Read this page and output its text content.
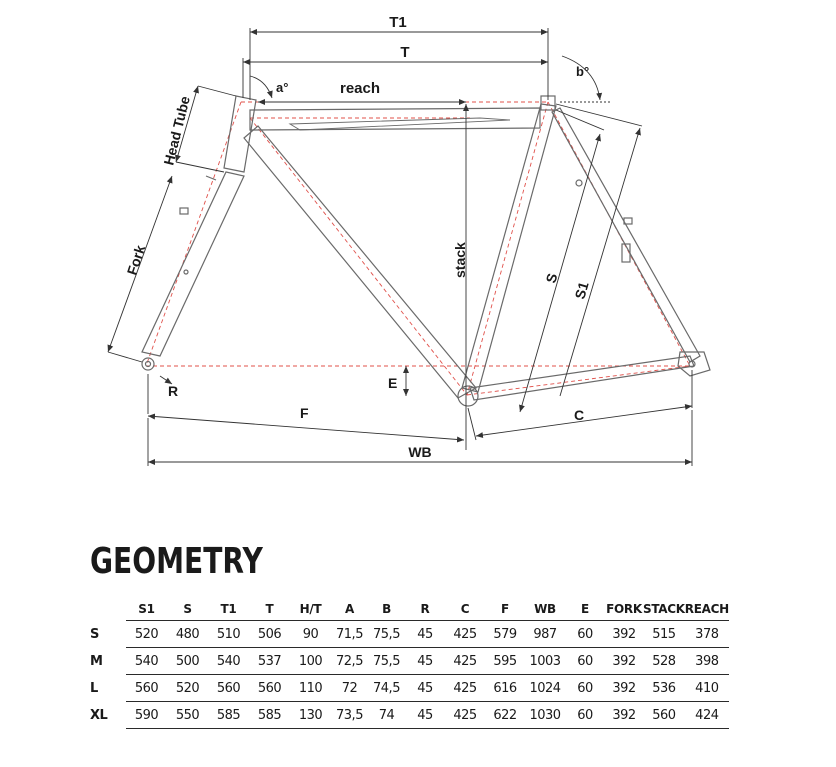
T1
T
a°	reach
b°
Head Tube
Fork	stack
S
S1
R	E
F	C
WB
GEOMETRY
	S1	S	T1	T	H/T	A	B	R	C	F	WB	E	FORK	STACK	REACH
S	520	480	510	506	90	71,5	75,5	45	425	579	987	60	392	515	378
M	540	500	540	537	100	72,5	75,5	45	425	595	1003	60	392	528	398
L	560	520	560	560	110	72	74,5	45	425	616	1024	60	392	536	410
XL	590	550	585	585	130	73,5	74	45	425	622	1030	60	392	560	424
